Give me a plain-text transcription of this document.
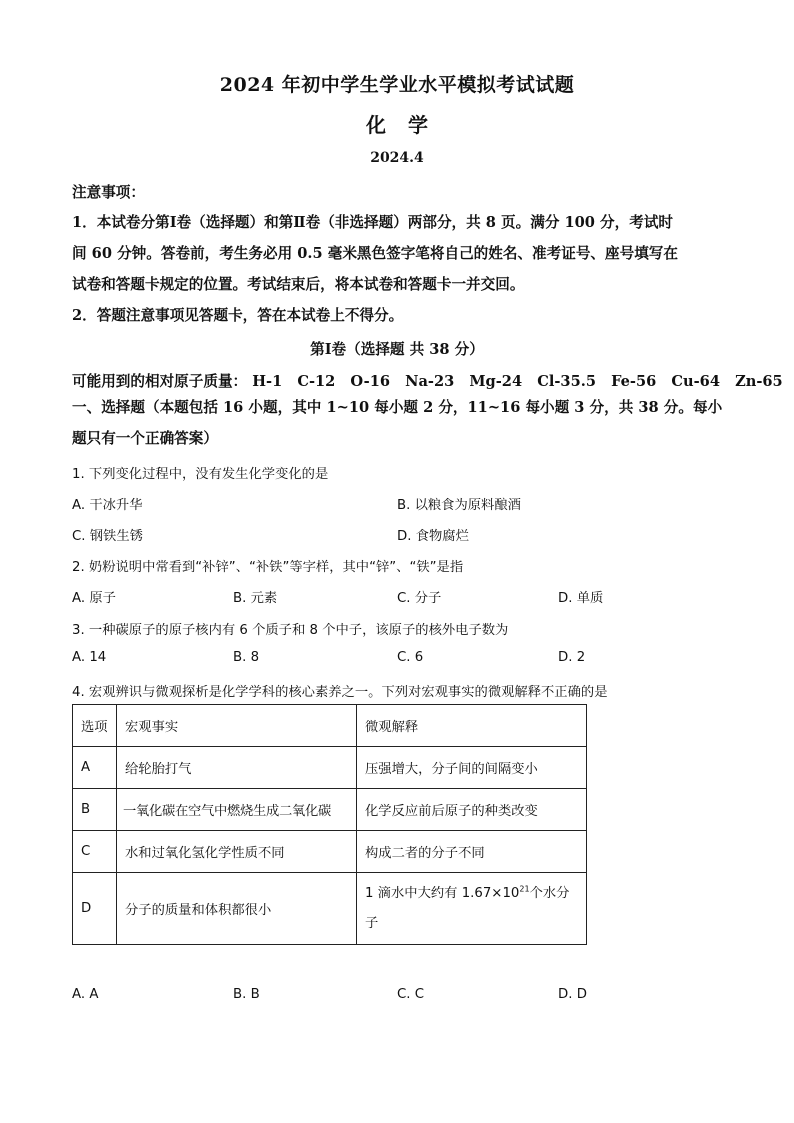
2024 年初中学生学业水平模拟考试试题
化学
2024.4
注意事项：
1．本试卷分第Ⅰ卷（选择题）和第Ⅱ卷（非选择题）两部分，共 8 页。满分 100 分，考试时
间 60 分钟。答卷前，考生务必用 0.5 毫米黑色签字笔将自己的姓名、准考证号、座号填写在
试卷和答题卡规定的位置。考试结束后，将本试卷和答题卡一并交回。
2．答题注意事项见答题卡，答在本试卷上不得分。
第Ⅰ卷（选择题 共 38 分）
可能用到的相对原子质量： H-1 C-12 O-16 Na-23 Mg-24 Cl-35.5 Fe-56 Cu-64 Zn-65
一、选择题（本题包括 16 小题，其中 1~10 每小题 2 分，11~16 每小题 3 分，共 38 分。每小
题只有一个正确答案）
1. 下列变化过程中，没有发生化学变化的是
A. 干冰升华	B. 以粮食为原料酿酒
C. 钢铁生锈	D. 食物腐烂
2. 奶粉说明中常看到“补锌”、“补铁”等字样，其中“锌”、“铁”是指
A. 原子	B. 元素	C. 分子	D. 单质
3. 一种碳原子的原子核内有 6 个质子和 8 个中子，该原子的核外电子数为
A. 14	B. 8	C. 6	D. 2
4. 宏观辨识与微观探析是化学学科的核心素养之一。下列对宏观事实的微观解释不正确的是
选项	宏观事实	微观解释
A	给轮胎打气	压强增大，分子间的间隔变小
B	一氧化碳在空气中燃烧生成二氧化碳	化学反应前后原子的种类改变
C	水和过氧化氢化学性质不同	构成二者的分子不同
D	分子的质量和体积都很小	1 滴水中大约有 $1.67\times 10^{21}$个水分
子
A. A	B. B	C. C	D. D
